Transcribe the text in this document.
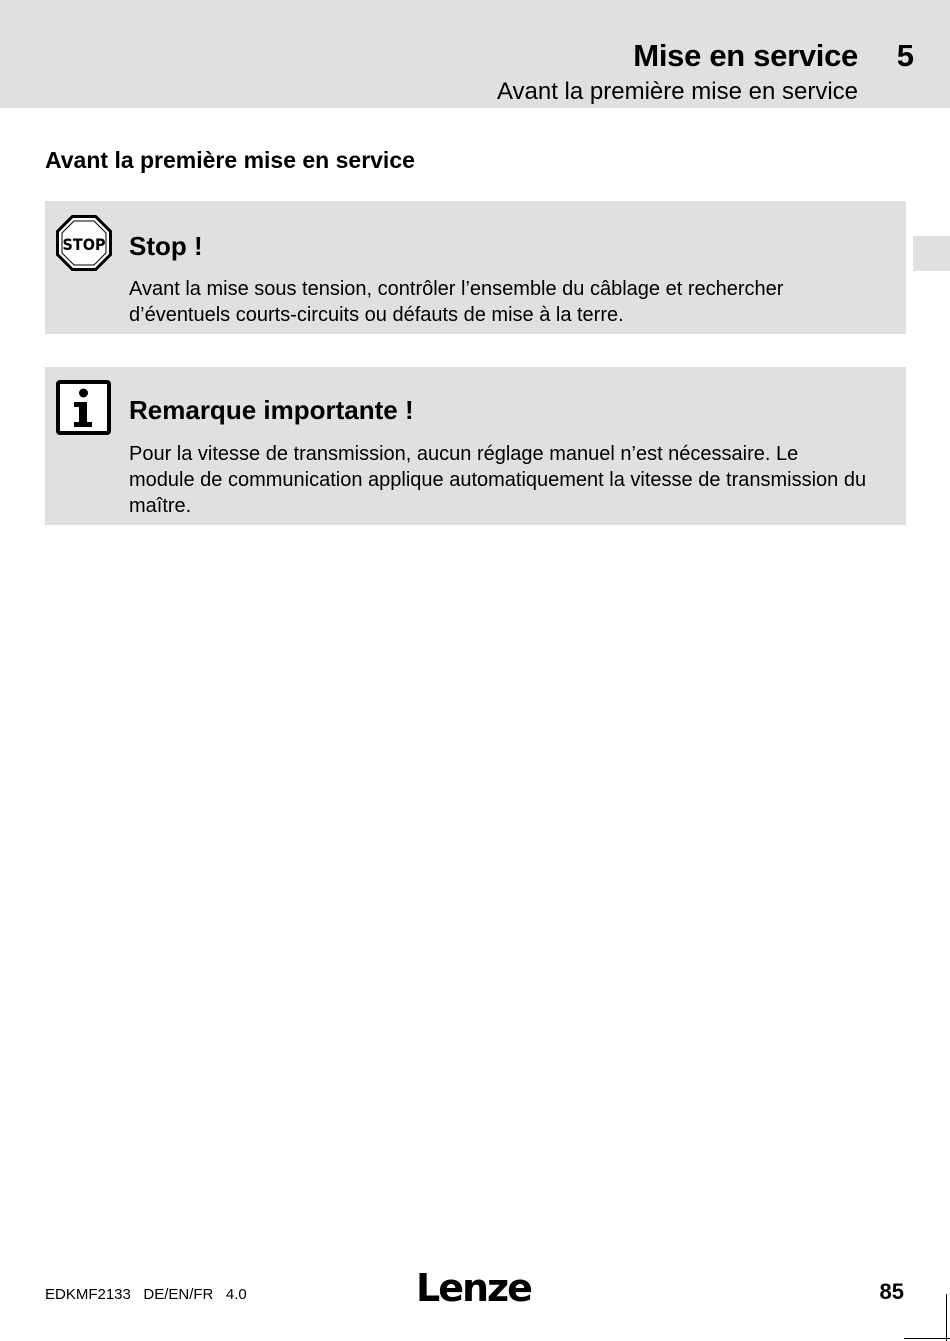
Mise en service 5
Avant la première mise en service
Avant la première mise en service
STOP Stop !
Avant la mise sous tension, contrôler l’ensemble du câblage et rechercher d’éventuels courts-circuits ou défauts de mise à la terre.
Remarque importante !
Pour la vitesse de transmission, aucun réglage manuel n’est nécessaire. Le module de communication applique automatiquement la vitesse de transmission du maître.
EDKMF2133   DE/EN/FR   4.0	Lenze	85
